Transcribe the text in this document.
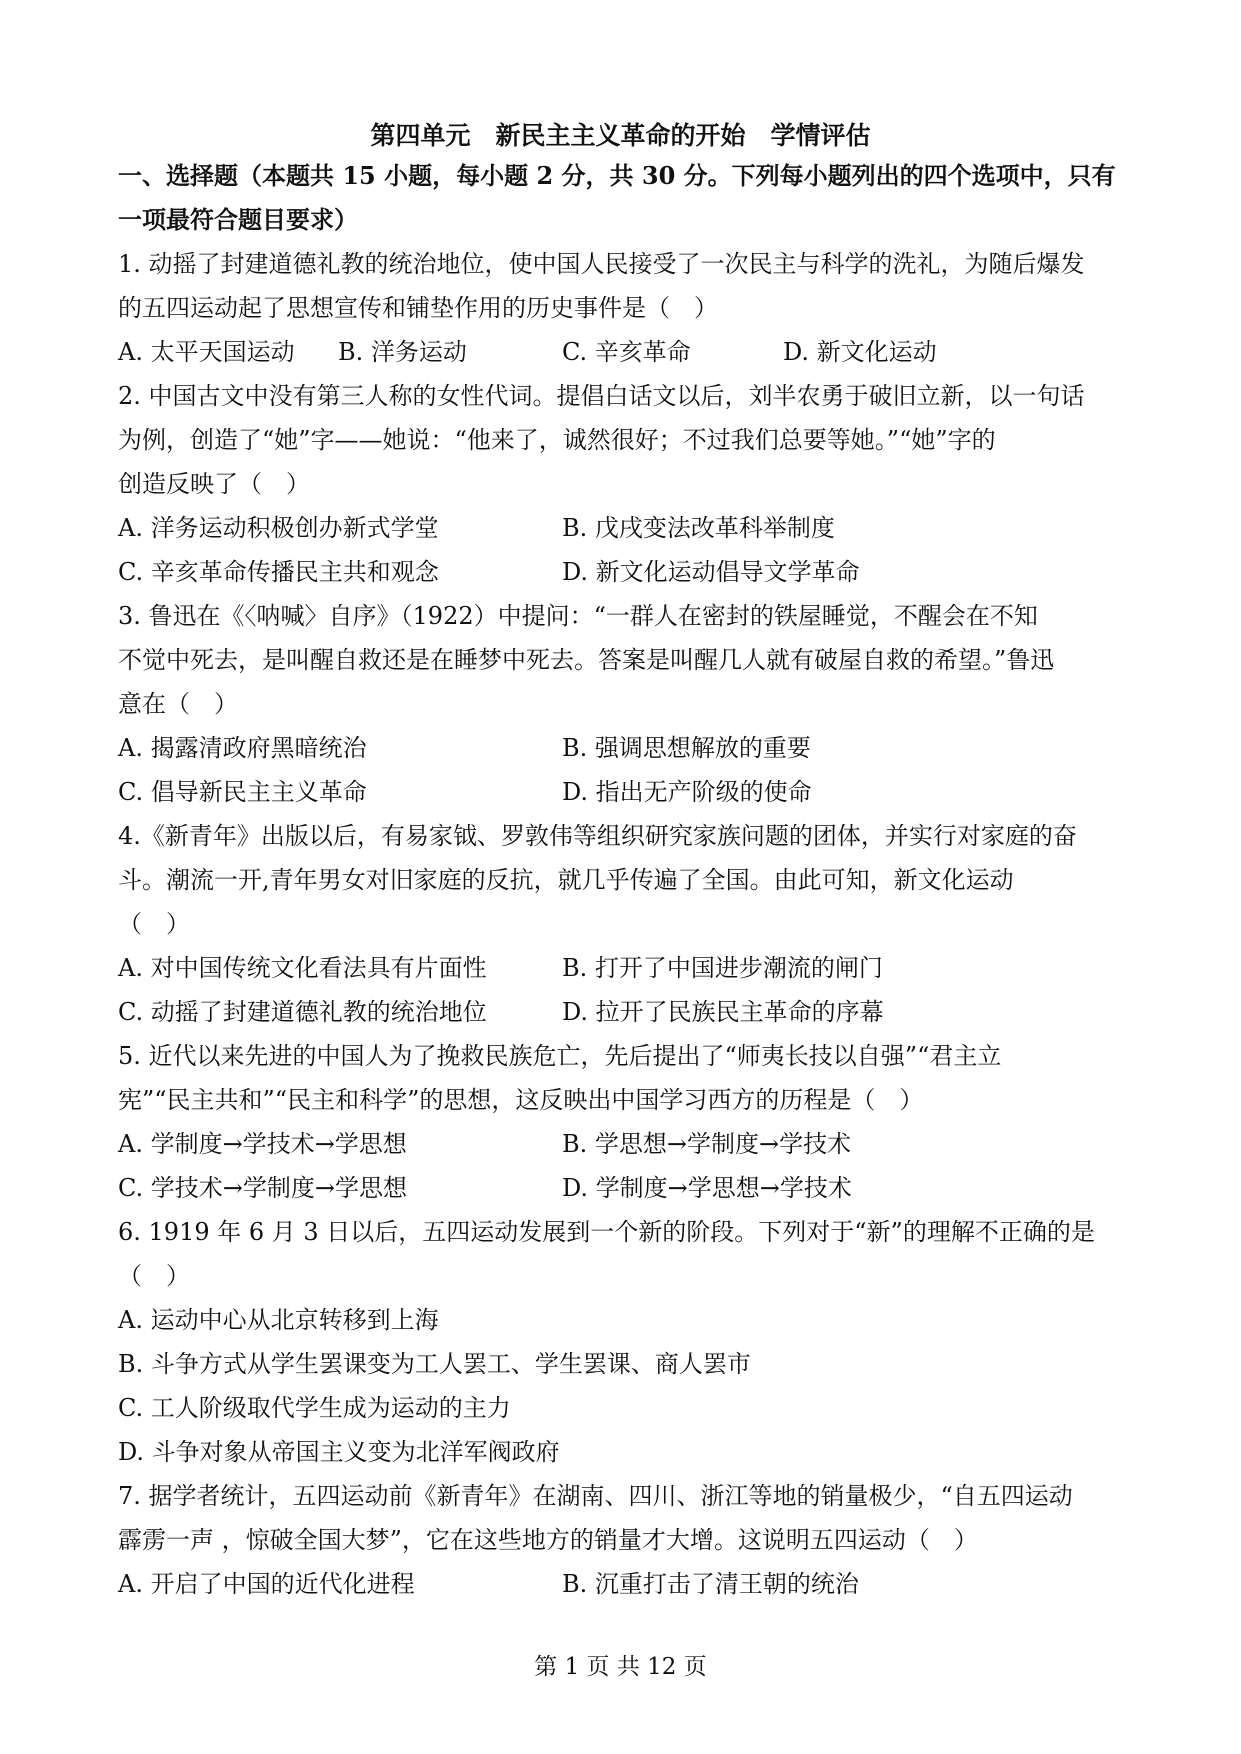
第四单元　新民主主义革命的开始　学情评估

一、选择题（本题共 15 小题，每小题 2 分，共 30 分。下列每小题列出的四个选项中，只有

一项最符合题目要求）

1. 动摇了封建道德礼教的统治地位，使中国人民接受了一次民主与科学的洗礼，为随后爆发

的五四运动起了思想宣传和铺垫作用的历史事件是（　）

A. 太平天国运动 B. 洋务运动	C. 辛亥革命	D. 新文化运动

2. 中国古文中没有第三人称的女性代词。提倡白话文以后，刘半农勇于破旧立新，以一句话

为例，创造了“她”字——她说：“他来了，诚然很好；不过我们总要等她。”“她”字的

创造反映了（　）

A. 洋务运动积极创办新式学堂	B. 戊戌变法改革科举制度

C. 辛亥革命传播民主共和观念	D. 新文化运动倡导文学革命

3. 鲁迅在《〈呐喊〉自序》（1922）中提问：“一群人在密封的铁屋睡觉，不醒会在不知

不觉中死去，是叫醒自救还是在睡梦中死去。答案是叫醒几人就有破屋自救的希望。”鲁迅

意在（　）

A. 揭露清政府黑暗统治	B. 强调思想解放的重要

C. 倡导新民主主义革命	D. 指出无产阶级的使命

4.《新青年》出版以后，有易家钺、罗敦伟等组织研究家族问题的团体，并实行对家庭的奋

斗。潮流一开,青年男女对旧家庭的反抗，就几乎传遍了全国。由此可知，新文化运动

（　）

A. 对中国传统文化看法具有片面性	B. 打开了中国进步潮流的闸门

C. 动摇了封建道德礼教的统治地位	D. 拉开了民族民主革命的序幕

5. 近代以来先进的中国人为了挽救民族危亡，先后提出了“师夷长技以自强”“君主立

宪”“民主共和”“民主和科学”的思想，这反映出中国学习西方的历程是（　）

A. 学制度→学技术→学思想	B. 学思想→学制度→学技术

C. 学技术→学制度→学思想	D. 学制度→学思想→学技术

6. 1919 年 6 月 3 日以后，五四运动发展到一个新的阶段。下列对于“新”的理解不正确的是

（　）

A. 运动中心从北京转移到上海

B. 斗争方式从学生罢课变为工人罢工、学生罢课、商人罢市

C. 工人阶级取代学生成为运动的主力

D. 斗争对象从帝国主义变为北洋军阀政府

7. 据学者统计，五四运动前《新青年》在湖南、四川、浙江等地的销量极少，“自五四运动

霹雳一声 ，惊破全国大梦”，它在这些地方的销量才大增。这说明五四运动（　）

A. 开启了中国的近代化进程	B. 沉重打击了清王朝的统治

第 1 页 共 12 页
